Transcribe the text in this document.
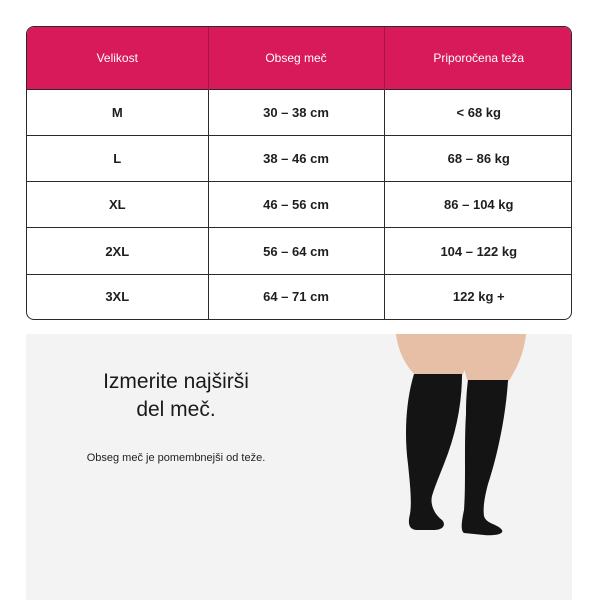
Velikost	Obseg meč	Priporočena teža
M	30 – 38 cm	< 68 kg
L	38 – 46 cm	68 – 86 kg
XL	46 – 56 cm	86 – 104 kg
2XL	56 – 64 cm	104 – 122 kg
3XL	64 – 71 cm	122 kg +
Izmerite najširši
del meč.
Obseg meč je pomembnejši od teže.
